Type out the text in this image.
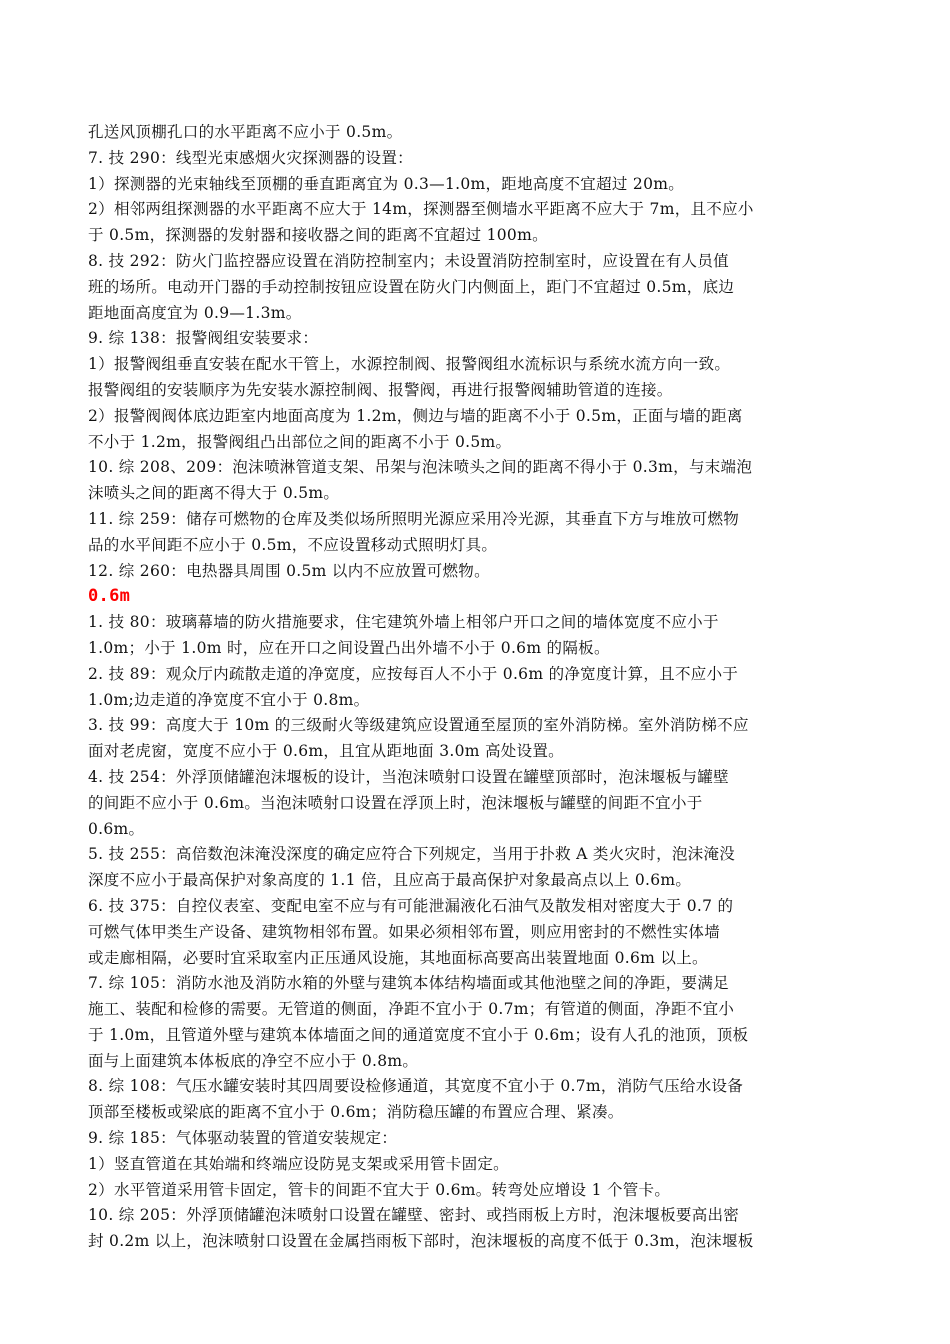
孔送风顶棚孔口的水平距离不应小于 0.5m。
7. 技 290：线型光束感烟火灾探测器的设置：
1）探测器的光束轴线至顶棚的垂直距离宜为 0.3—1.0m，距地高度不宜超过 20m。
2）相邻两组探测器的水平距离不应大于 14m，探测器至侧墙水平距离不应大于 7m，且不应小
于 0.5m，探测器的发射器和接收器之间的距离不宜超过 100m。
8. 技 292：防火门监控器应设置在消防控制室内；未设置消防控制室时，应设置在有人员值
班的场所。电动开门器的手动控制按钮应设置在防火门内侧面上，距门不宜超过 0.5m，底边
距地面高度宜为 0.9—1.3m。
9. 综 138：报警阀组安装要求：
1）报警阀组垂直安装在配水干管上，水源控制阀、报警阀组水流标识与系统水流方向一致。
报警阀组的安装顺序为先安装水源控制阀、报警阀，再进行报警阀辅助管道的连接。
2）报警阀阀体底边距室内地面高度为 1.2m，侧边与墙的距离不小于 0.5m，正面与墙的距离
不小于 1.2m，报警阀组凸出部位之间的距离不小于 0.5m。
10. 综 208、209：泡沫喷淋管道支架、吊架与泡沫喷头之间的距离不得小于 0.3m，与末端泡
沫喷头之间的距离不得大于 0.5m。
11. 综 259：储存可燃物的仓库及类似场所照明光源应采用冷光源，其垂直下方与堆放可燃物
品的水平间距不应小于 0.5m，不应设置移动式照明灯具。
12. 综 260：电热器具周围 0.5m 以内不应放置可燃物。
0.6m
1. 技 80：玻璃幕墙的防火措施要求，住宅建筑外墙上相邻户开口之间的墙体宽度不应小于
1.0m；小于 1.0m 时，应在开口之间设置凸出外墙不小于 0.6m 的隔板。
2. 技 89：观众厅内疏散走道的净宽度，应按每百人不小于 0.6m 的净宽度计算，且不应小于
1.0m;边走道的净宽度不宜小于 0.8m。
3. 技 99：高度大于 10m 的三级耐火等级建筑应设置通至屋顶的室外消防梯。室外消防梯不应
面对老虎窗，宽度不应小于 0.6m，且宜从距地面 3.0m 高处设置。
4. 技 254：外浮顶储罐泡沫堰板的设计，当泡沫喷射口设置在罐壁顶部时，泡沫堰板与罐壁
的间距不应小于 0.6m。当泡沫喷射口设置在浮顶上时，泡沫堰板与罐壁的间距不宜小于
0.6m。
5. 技 255：高倍数泡沫淹没深度的确定应符合下列规定，当用于扑救 A 类火灾时，泡沫淹没
深度不应小于最高保护对象高度的 1.1 倍，且应高于最高保护对象最高点以上 0.6m。
6. 技 375：自控仪表室、变配电室不应与有可能泄漏液化石油气及散发相对密度大于 0.7 的
可燃气体甲类生产设备、建筑物相邻布置。如果必须相邻布置，则应用密封的不燃性实体墙
或走廊相隔，必要时宜采取室内正压通风设施，其地面标高要高出装置地面 0.6m 以上。
7. 综 105：消防水池及消防水箱的外壁与建筑本体结构墙面或其他池壁之间的净距，要满足
施工、装配和检修的需要。无管道的侧面，净距不宜小于 0.7m；有管道的侧面，净距不宜小
于 1.0m，且管道外壁与建筑本体墙面之间的通道宽度不宜小于 0.6m；设有人孔的池顶，顶板
面与上面建筑本体板底的净空不应小于 0.8m。
8. 综 108：气压水罐安装时其四周要设检修通道，其宽度不宜小于 0.7m，消防气压给水设备
顶部至楼板或梁底的距离不宜小于 0.6m；消防稳压罐的布置应合理、紧凑。
9. 综 185：气体驱动装置的管道安装规定：
1）竖直管道在其始端和终端应设防晃支架或采用管卡固定。
2）水平管道采用管卡固定，管卡的间距不宜大于 0.6m。转弯处应增设 1 个管卡。
10. 综 205：外浮顶储罐泡沫喷射口设置在罐壁、密封、或挡雨板上方时，泡沫堰板要高出密
封 0.2m 以上，泡沫喷射口设置在金属挡雨板下部时，泡沫堰板的高度不低于 0.3m，泡沫堰板
